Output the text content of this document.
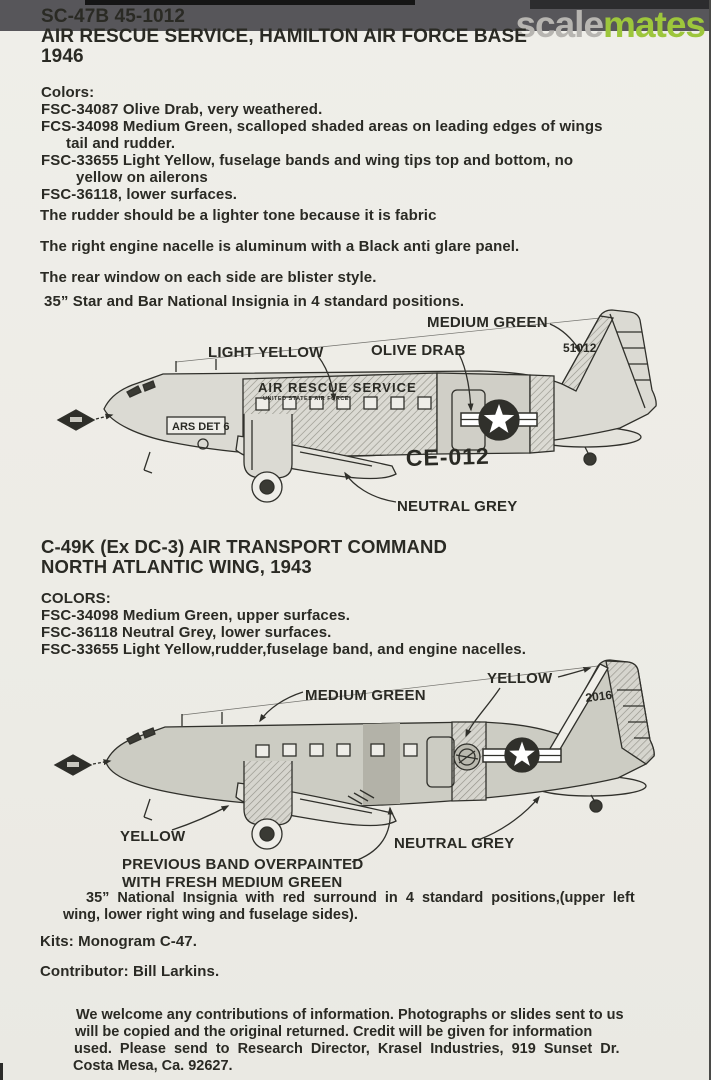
scalemates
SC-47B 45-1012
AIR RESCUE SERVICE, HAMILTON AIR FORCE BASE
1946
Colors:
FSC-34087 Olive Drab, very weathered.
FCS-34098 Medium Green, scalloped shaded areas on leading edges of wings
tail and rudder.
FSC-33655 Light Yellow, fuselage bands and wing tips top and bottom, no
yellow on ailerons
FSC-36118, lower surfaces.
The rudder should be a lighter tone because it is fabric
The right engine nacelle is aluminum with a Black anti glare panel.
The rear window on each side are blister style.
35” Star and Bar National Insignia in 4 standard positions.
MEDIUM GREEN
LIGHT YELLOW	OLIVE DRAB
NEUTRAL GREY
AIR RESCUE SERVICE
UNITED STATES AIR FORCE
ARS DET 6
CE-012
51012
C-49K (Ex DC-3) AIR TRANSPORT COMMAND
NORTH ATLANTIC WING, 1943
COLORS:
FSC-34098 Medium Green, upper surfaces.
FSC-36118 Neutral Grey, lower surfaces.
FSC-33655 Light Yellow,rudder,fuselage band, and engine nacelles.
YELLOW
MEDIUM GREEN
YELLOW	NEUTRAL GREY
PREVIOUS BAND OVERPAINTED
WITH FRESH MEDIUM GREEN
2016
35”  National  Insignia  with  red  surround  in  4  standard  positions,(upper  left
wing, lower right wing and fuselage sides).
Kits: Monogram C-47.
Contributor: Bill Larkins.
We welcome any contributions of information. Photographs or slides sent to us
will be copied and the original returned. Credit will be given for information
used.  Please  send  to  Research  Director,  Krasel  Industries,  919  Sunset  Dr.
Costa Mesa, Ca. 92627.
